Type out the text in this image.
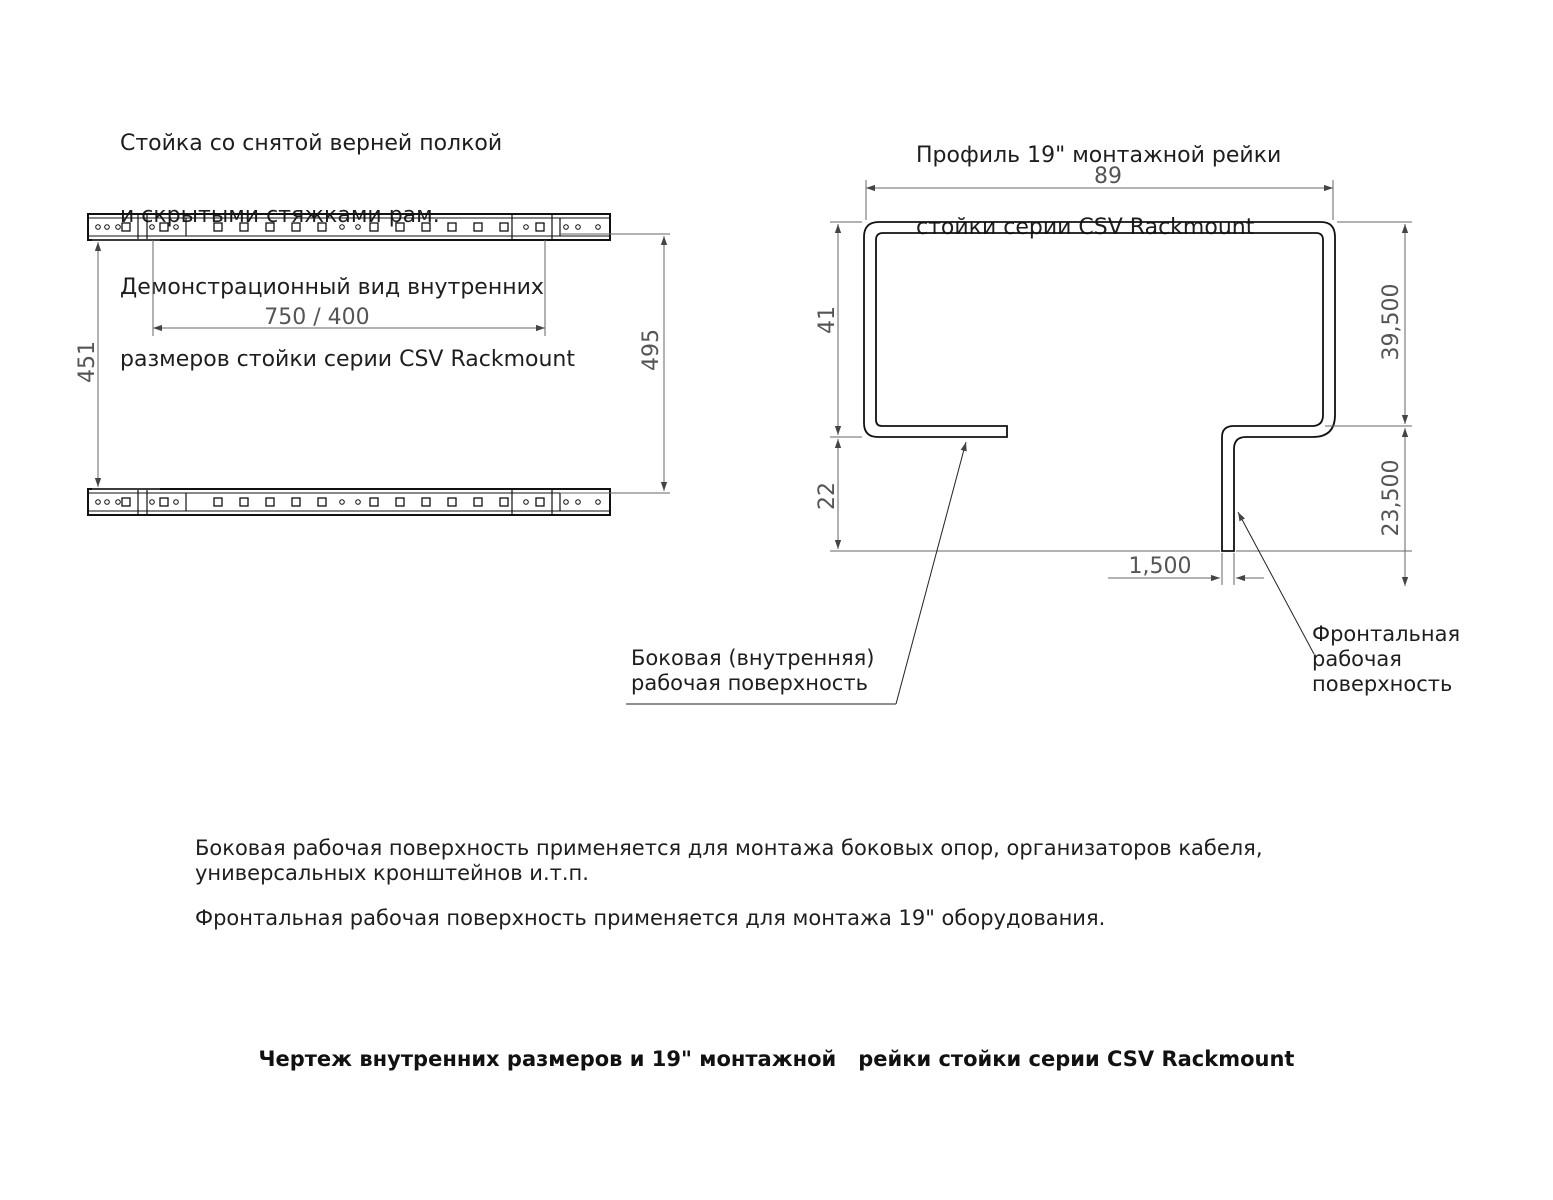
Стойка со снятой верней полкой

и скрытыми стяжками рам.

Демонстрационный вид внутренних

размеров стойки серии CSV Rackmount

Профиль 19" монтажной рейки

стойки серии CSV Rackmount

750 / 400
451	495
89
41
22
39,500
23,500
1,500
Боковая (внутренняя)
рабочая поверхность
Фронтальная
рабочая
поверхность
Боковая рабочая поверхность применяется для монтажа боковых опор, организаторов кабеля,
универсальных кронштейнов и.т.п.
Фронтальная рабочая поверхность применяется для монтажа 19" оборудования.
Чертеж внутренних размеров и 19" монтажной   рейки стойки серии CSV Rackmount
